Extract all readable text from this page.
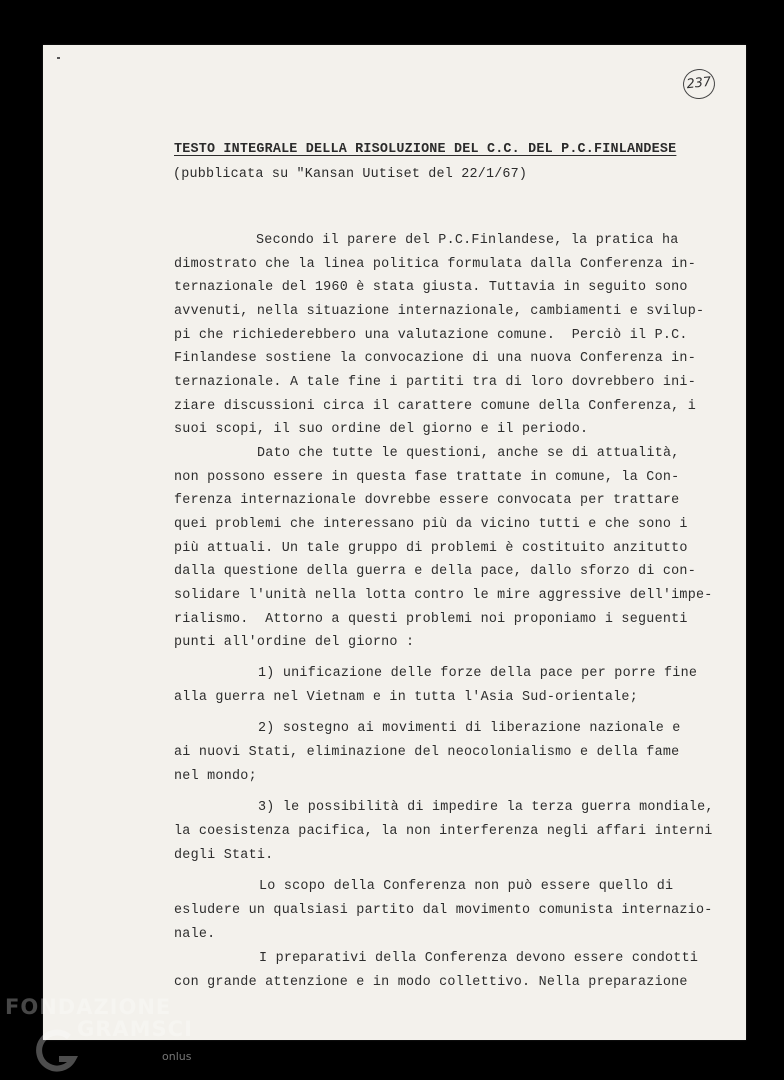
237
TESTO INTEGRALE DELLA RISOLUZIONE DEL C.C. DEL P.C.FINLANDESE
(pubblicata su "Kansan Uutiset del 22/1/67)
Secondo il parere del P.C.Finlandese, la pratica ha
dimostrato che la linea politica formulata dalla Conferenza in-
ternazionale del 1960 è stata giusta. Tuttavia in seguito sono
avvenuti, nella situazione internazionale, cambiamenti e svilup-
pi che richiederebbero una valutazione comune.  Perciò il P.C.
Finlandese sostiene la convocazione di una nuova Conferenza in-
ternazionale. A tale fine i partiti tra di loro dovrebbero ini-
ziare discussioni circa il carattere comune della Conferenza, i
suoi scopi, il suo ordine del giorno e il periodo.
Dato che tutte le questioni, anche se di attualità,
non possono essere in questa fase trattate in comune, la Con-
ferenza internazionale dovrebbe essere convocata per trattare
quei problemi che interessano più da vicino tutti e che sono i
più attuali. Un tale gruppo di problemi è costituito anzitutto
dalla questione della guerra e della pace, dallo sforzo di con-
solidare l'unità nella lotta contro le mire aggressive dell'impe-
rialismo.  Attorno a questi problemi noi proponiamo i seguenti
punti all'ordine del giorno :
1) unificazione delle forze della pace per porre fine
alla guerra nel Vietnam e in tutta l'Asia Sud-orientale;
2) sostegno ai movimenti di liberazione nazionale e
ai nuovi Stati, eliminazione del neocolonialismo e della fame
nel mondo;
3) le possibilità di impedire la terza guerra mondiale,
la coesistenza pacifica, la non interferenza negli affari interni
degli Stati.
Lo scopo della Conferenza non può essere quello di
esludere un qualsiasi partito dal movimento comunista internazio-
nale.
I preparativi della Conferenza devono essere condotti
con grande attenzione e in modo collettivo. Nella preparazione
FONDAZIONE
GRAMSCI
onlus
